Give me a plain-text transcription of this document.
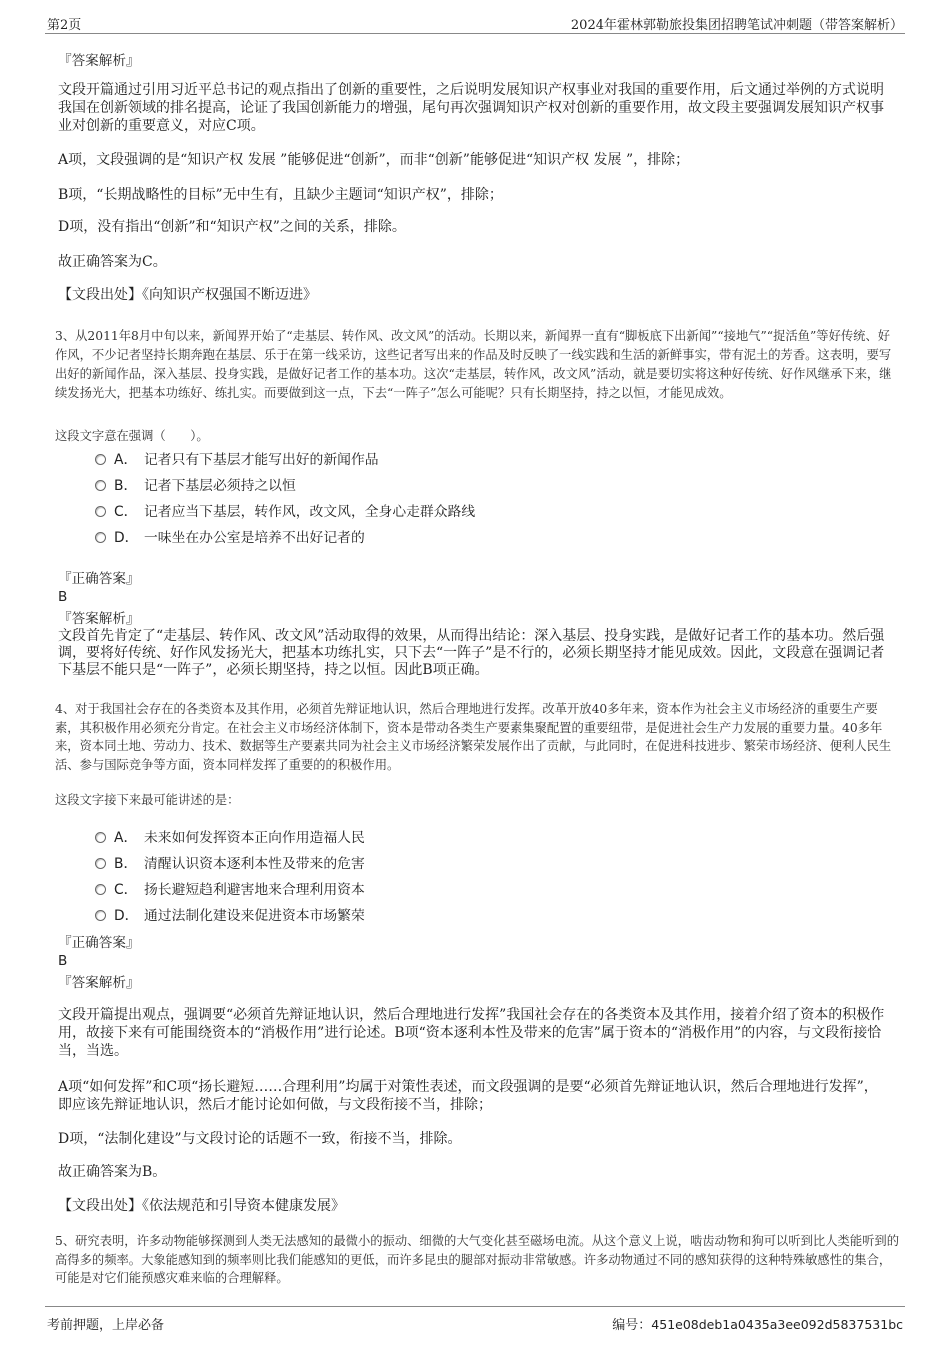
第2页	2024年霍林郭勒旅投集团招聘笔试冲刺题（带答案解析）
『答案解析』
文段开篇通过引用习近平总书记的观点指出了创新的重要性，之后说明发展知识产权事业对我国的重要作用，后文通过举例的方式说明我国在创新领域的排名提高，论证了我国创新能力的增强，尾句再次强调知识产权对创新的重要作用，故文段主要强调发展知识产权事业对创新的重要意义，对应C项。
A项，文段强调的是“知识产权 发展 ”能够促进“创新”，而非“创新”能够促进“知识产权 发展 ”，排除；
B项，“长期战略性的目标”无中生有，且缺少主题词“知识产权”，排除；
D项，没有指出“创新”和“知识产权”之间的关系，排除。
故正确答案为C。
【文段出处】《向知识产权强国不断迈进》
3、从2011年8月中旬以来，新闻界开始了“走基层、转作风、改文风”的活动。长期以来，新闻界一直有“脚板底下出新闻”“接地气”“捉活鱼”等好传统、好作风，不少记者坚持长期奔跑在基层、乐于在第一线采访，这些记者写出来的作品及时反映了一线实践和生活的新鲜事实，带有泥土的芳香。这表明，要写出好的新闻作品，深入基层、投身实践，是做好记者工作的基本功。这次“走基层，转作风，改文风”活动，就是要切实将这种好传统、好作风继承下来，继续发扬光大，把基本功练好、练扎实。而要做到这一点，下去“一阵子”怎么可能呢？只有长期坚持，持之以恒，才能见成效。
这段文字意在强调（　　）。
A． 记者只有下基层才能写出好的新闻作品
B． 记者下基层必须持之以恒
C． 记者应当下基层，转作风，改文风，全身心走群众路线
D． 一味坐在办公室是培养不出好记者的
『正确答案』
B
『答案解析』
文段首先肯定了“走基层、转作风、改文风”活动取得的效果，从而得出结论：深入基层、投身实践，是做好记者工作的基本功。然后强调，要将好传统、好作风发扬光大，把基本功练扎实，只下去“一阵子”是不行的，必须长期坚持才能见成效。因此，文段意在强调记者下基层不能只是“一阵子”，必须长期坚持，持之以恒。因此B项正确。
4、对于我国社会存在的各类资本及其作用，必须首先辩证地认识，然后合理地进行发挥。改革开放40多年来，资本作为社会主义市场经济的重要生产要素，其积极作用必须充分肯定。在社会主义市场经济体制下，资本是带动各类生产要素集聚配置的重要纽带，是促进社会生产力发展的重要力量。40多年来，资本同土地、劳动力、技术、数据等生产要素共同为社会主义市场经济繁荣发展作出了贡献，与此同时，在促进科技进步、繁荣市场经济、便利人民生活、参与国际竞争等方面，资本同样发挥了重要的的积极作用。
这段文字接下来最可能讲述的是：
A． 未来如何发挥资本正向作用造福人民
B． 清醒认识资本逐利本性及带来的危害
C． 扬长避短趋利避害地来合理利用资本
D． 通过法制化建设来促进资本市场繁荣
『正确答案』
B
『答案解析』
文段开篇提出观点，强调要“必须首先辩证地认识，然后合理地进行发挥”我国社会存在的各类资本及其作用，接着介绍了资本的积极作用，故接下来有可能围绕资本的“消极作用”进行论述。B项“资本逐利本性及带来的危害”属于资本的“消极作用”的内容，与文段衔接恰当，当选。
A项“如何发挥”和C项“扬长避短……合理利用”均属于对策性表述，而文段强调的是要“必须首先辩证地认识，然后合理地进行发挥”，即应该先辩证地认识，然后才能讨论如何做，与文段衔接不当，排除；
D项，“法制化建设”与文段讨论的话题不一致，衔接不当，排除。
故正确答案为B。
【文段出处】《依法规范和引导资本健康发展》
5、研究表明，许多动物能够探测到人类无法感知的最微小的振动、细微的大气变化甚至磁场电流。从这个意义上说，啮齿动物和狗可以听到比人类能听到的高得多的频率。大象能感知到的频率则比我们能感知的更低，而许多昆虫的腿部对振动非常敏感。许多动物通过不同的感知获得的这种特殊敏感性的集合，可能是对它们能预感灾难来临的合理解释。
考前押题，上岸必备	编号：451e08deb1a0435a3ee092d5837531bc
